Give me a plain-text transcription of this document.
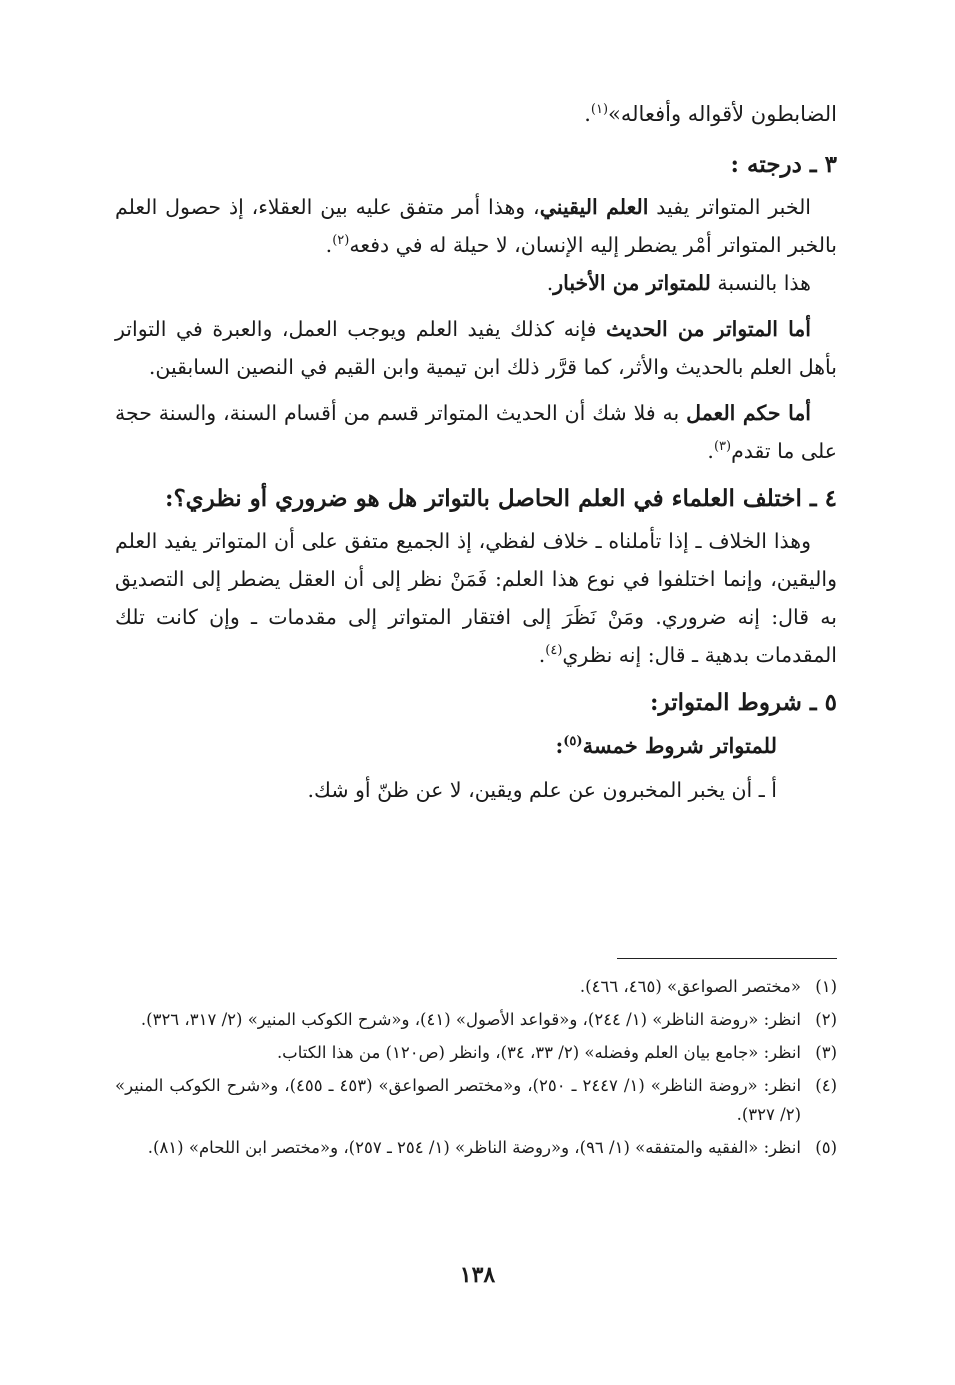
الضابطون لأقواله وأفعاله»$^{(١)}$.

٣ ـ درجته :

الخبر المتواتر يفيد العلم اليقيني، وهذا أمر متفق عليه بين العقلاء، إذ حصول العلم بالخبر المتواتر أمْر يضطر إليه الإنسان، لا حيلة له في دفعه$^{(٢)}$.

هذا بالنسبة للمتواتر من الأخبار.

أما المتواتر من الحديث فإنه كذلك يفيد العلم ويوجب العمل، والعبرة في التواتر بأهل العلم بالحديث والأثر، كما قرَّر ذلك ابن تيمية وابن القيم في النصين السابقين.

أما حكم العمل به فلا شك أن الحديث المتواتر قسم من أقسام السنة، والسنة حجة على ما تقدم$^{(٣)}$.

٤ ـ اختلف العلماء في العلم الحاصل بالتواتر هل هو ضروري أو نظري؟:

وهذا الخلاف ـ إذا تأملناه ـ خلاف لفظي، إذ الجميع متفق على أن المتواتر يفيد العلم واليقين، وإنما اختلفوا في نوع هذا العلم: فَمَنْ نظر إلى أن العقل يضطر إلى التصديق به قال: إنه ضروري. ومَنْ نَظَرَ إلى افتقار المتواتر إلى مقدمات ـ وإن كانت تلك المقدمات بدهية ـ قال: إنه نظري$^{(٤)}$.

٥ ـ شروط المتواتر:

للمتواتر شروط خمسة$^{(٥)}$:

أ ـ أن يخبر المخبرون عن علم ويقين، لا عن ظنّ أو شك.

(١)
«مختصر الصواعق» (٤٦٥، ٤٦٦).
(٢)
انظر: «روضة الناظر» (١/ ٢٤٤)، و«قواعد الأصول» (٤١)، و«شرح الكوكب المنير» (٢/ ٣١٧، ٣٢٦).
(٣)
انظر: «جامع بيان العلم وفضله» (٢/ ٣٣، ٣٤)، وانظر (ص١٢٠) من هذا الكتاب.
(٤)
انظر: «روضة الناظر» (١/ ٢٤٤٧ ـ ٢٥٠)، و«مختصر الصواعق» (٤٥٣ ـ ٤٥٥)، و«شرح الكوكب المنير» (٢/ ٣٢٧).
(٥)
انظر: «الفقيه والمتفقه» (١/ ٩٦)، و«روضة الناظر» (١/ ٢٥٤ ـ ٢٥٧)، و«مختصر ابن اللحام» (٨١).
١٣٨
